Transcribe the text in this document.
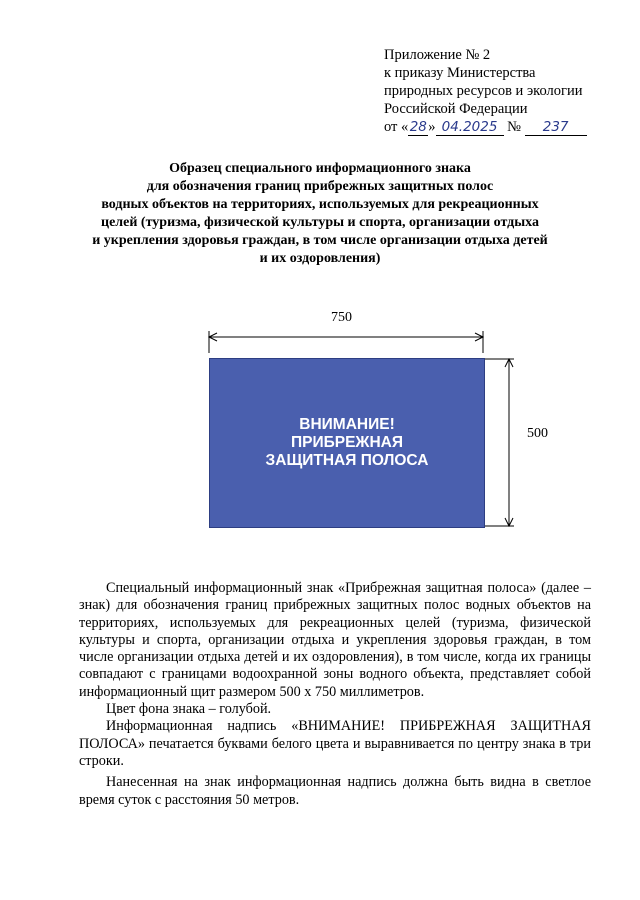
Приложение № 2
к приказу Министерства
природных ресурсов и экологии
Российской Федерации
от «28» 04.2025 № 237
Образец специального информационного знака
для обозначения границ прибрежных защитных полос
водных объектов на территориях, используемых для рекреационных
целей (туризма, физической культуры и спорта, организации отдыха
и укрепления здоровья граждан, в том числе организации отдыха детей
и их оздоровления)
750
500
ВНИМАНИЕ!
ПРИБРЕЖНАЯ
ЗАЩИТНАЯ ПОЛОСА

Специальный информационный знак «Прибрежная защитная полоса» (далее – знак) для обозначения границ прибрежных защитных полос водных объектов на территориях, используемых для рекреационных целей (туризма, физической культуры и спорта, организации отдыха и укрепления здоровья граждан, в том числе организации отдыха детей и их оздоровления), в том числе, когда их границы совпадают с границами водоохранной зоны водного объекта, представляет собой информационный щит размером 500 х 750 миллиметров.

Цвет фона знака – голубой.

Информационная надпись «ВНИМАНИЕ! ПРИБРЕЖНАЯ ЗАЩИТНАЯ ПОЛОСА» печатается буквами белого цвета и выравнивается по центру знака в три строки.

Нанесенная на знак информационная надпись должна быть видна в светлое время суток с расстояния 50 метров.
